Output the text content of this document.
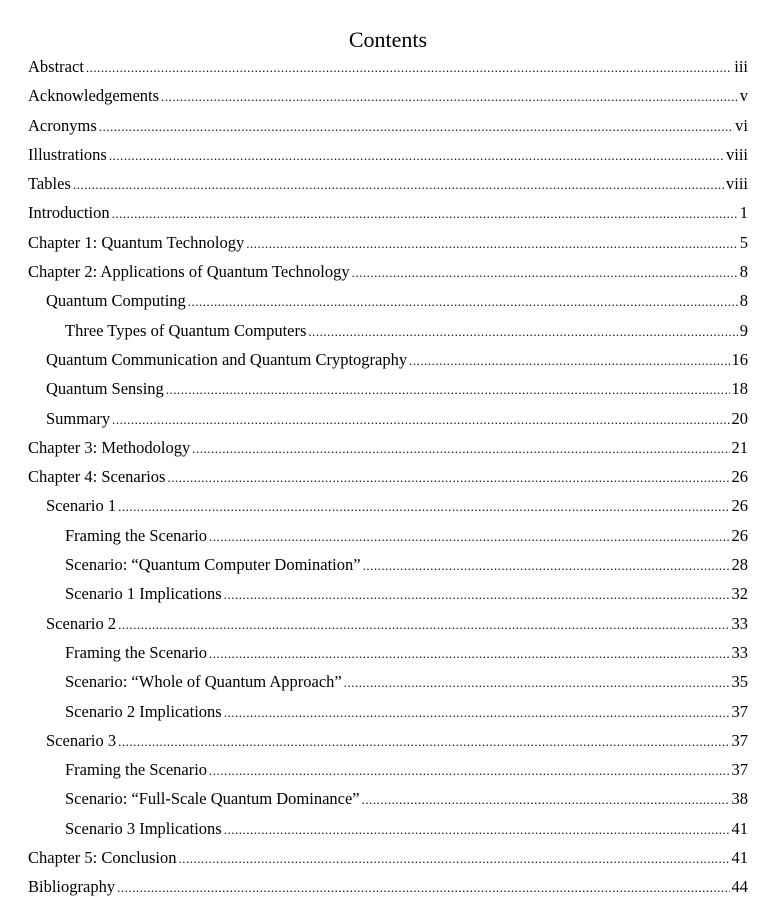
Contents
Abstract .....	iii
Acknowledgements .....	v
Acronyms .....	vi
Illustrations .....	viii
Tables .....	viii
Introduction .....	1
Chapter 1: Quantum Technology .....	5
Chapter 2: Applications of Quantum Technology .....	8
Quantum Computing .....	8
Three Types of Quantum Computers .....	9
Quantum Communication and Quantum Cryptography .....	16
Quantum Sensing .....	18
Summary .....	20
Chapter 3: Methodology .....	21
Chapter 4: Scenarios .....	26
Scenario 1 .....	26
Framing the Scenario .....	26
Scenario: “Quantum Computer Domination” .....	28
Scenario 1 Implications .....	32
Scenario 2 .....	33
Framing the Scenario .....	33
Scenario: “Whole of Quantum Approach” .....	35
Scenario 2 Implications .....	37
Scenario 3 .....	37
Framing the Scenario .....	37
Scenario: “Full-Scale Quantum Dominance” .....	38
Scenario 3 Implications .....	41
Chapter 5: Conclusion .....	41
Bibliography .....	44
